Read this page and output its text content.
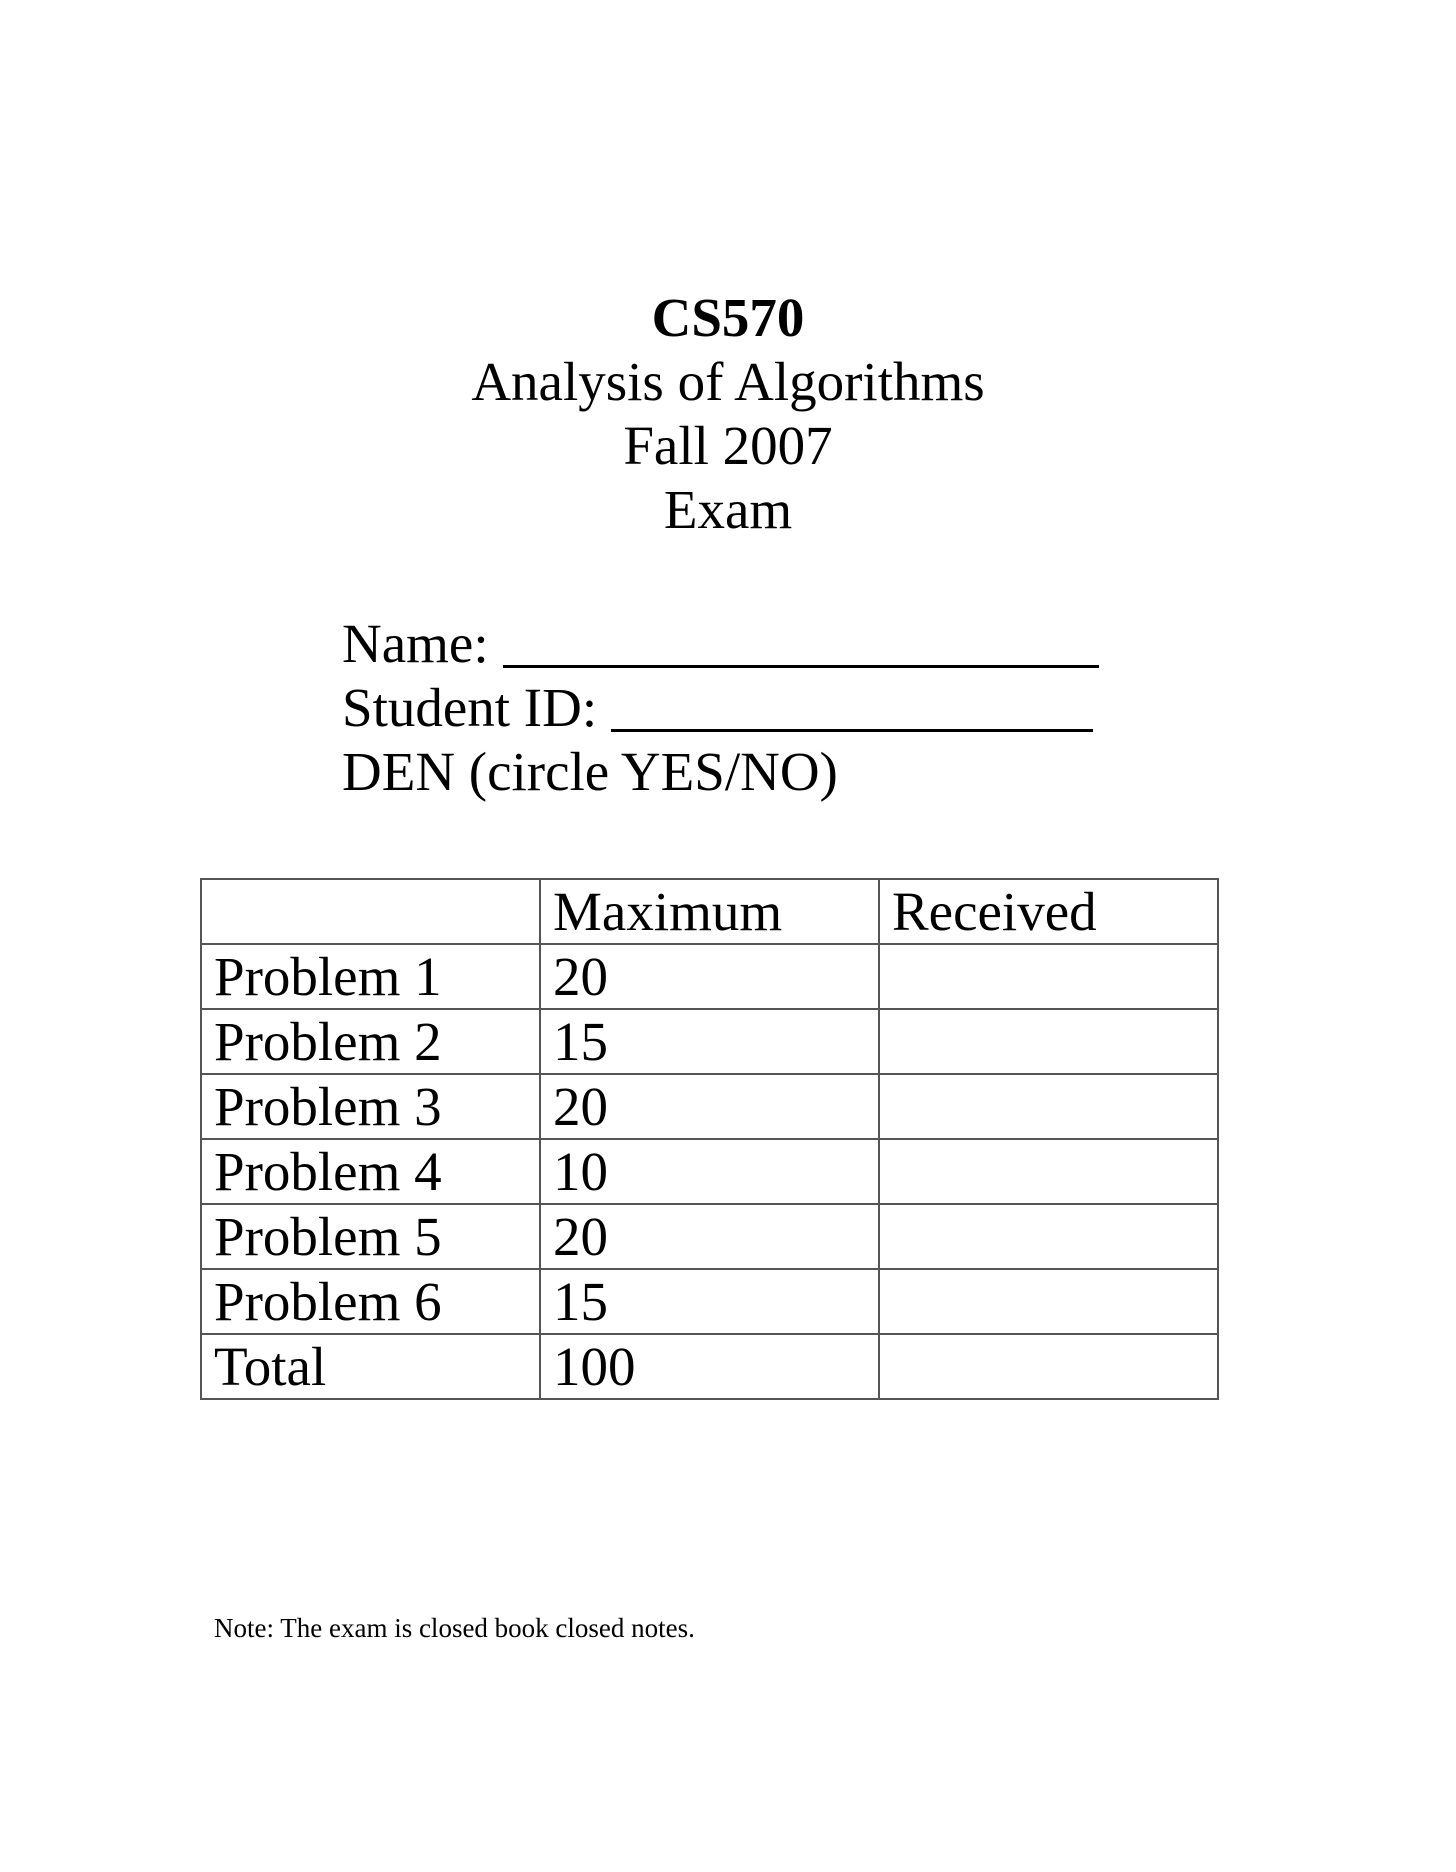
CS570

Analysis of Algorithms

Fall 2007

Exam

Name:
Student ID:
DEN (circle YES/NO)
	Maximum	Received
Problem 1	20	
Problem 2	15	
Problem 3	20	
Problem 4	10	
Problem 5	20	
Problem 6	15	
Total	100	
Note: The exam is closed book closed notes.
